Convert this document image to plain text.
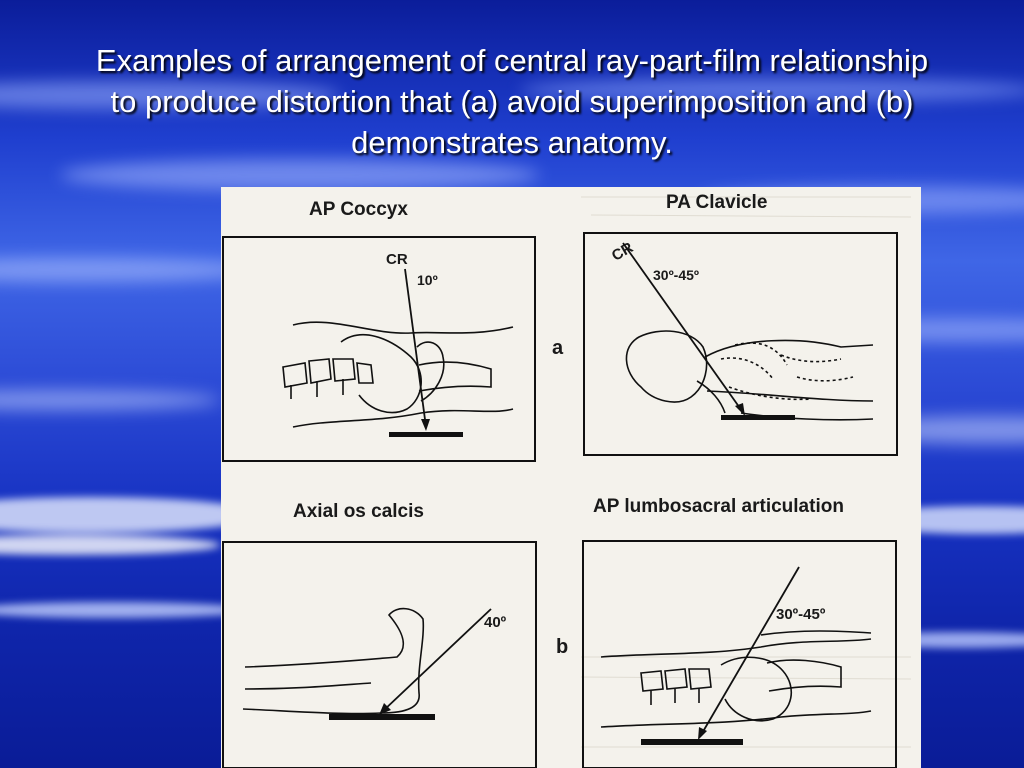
Examples of arrangement of central ray-part-film relationship
to produce distortion that (a) avoid superimposition and (b)
demonstrates anatomy.
AP Coccyx
CR
10º
PA Clavicle
CR
30º-45º
a
Axial os calcis
40º
AP lumbosacral articulation
30º-45º
b
